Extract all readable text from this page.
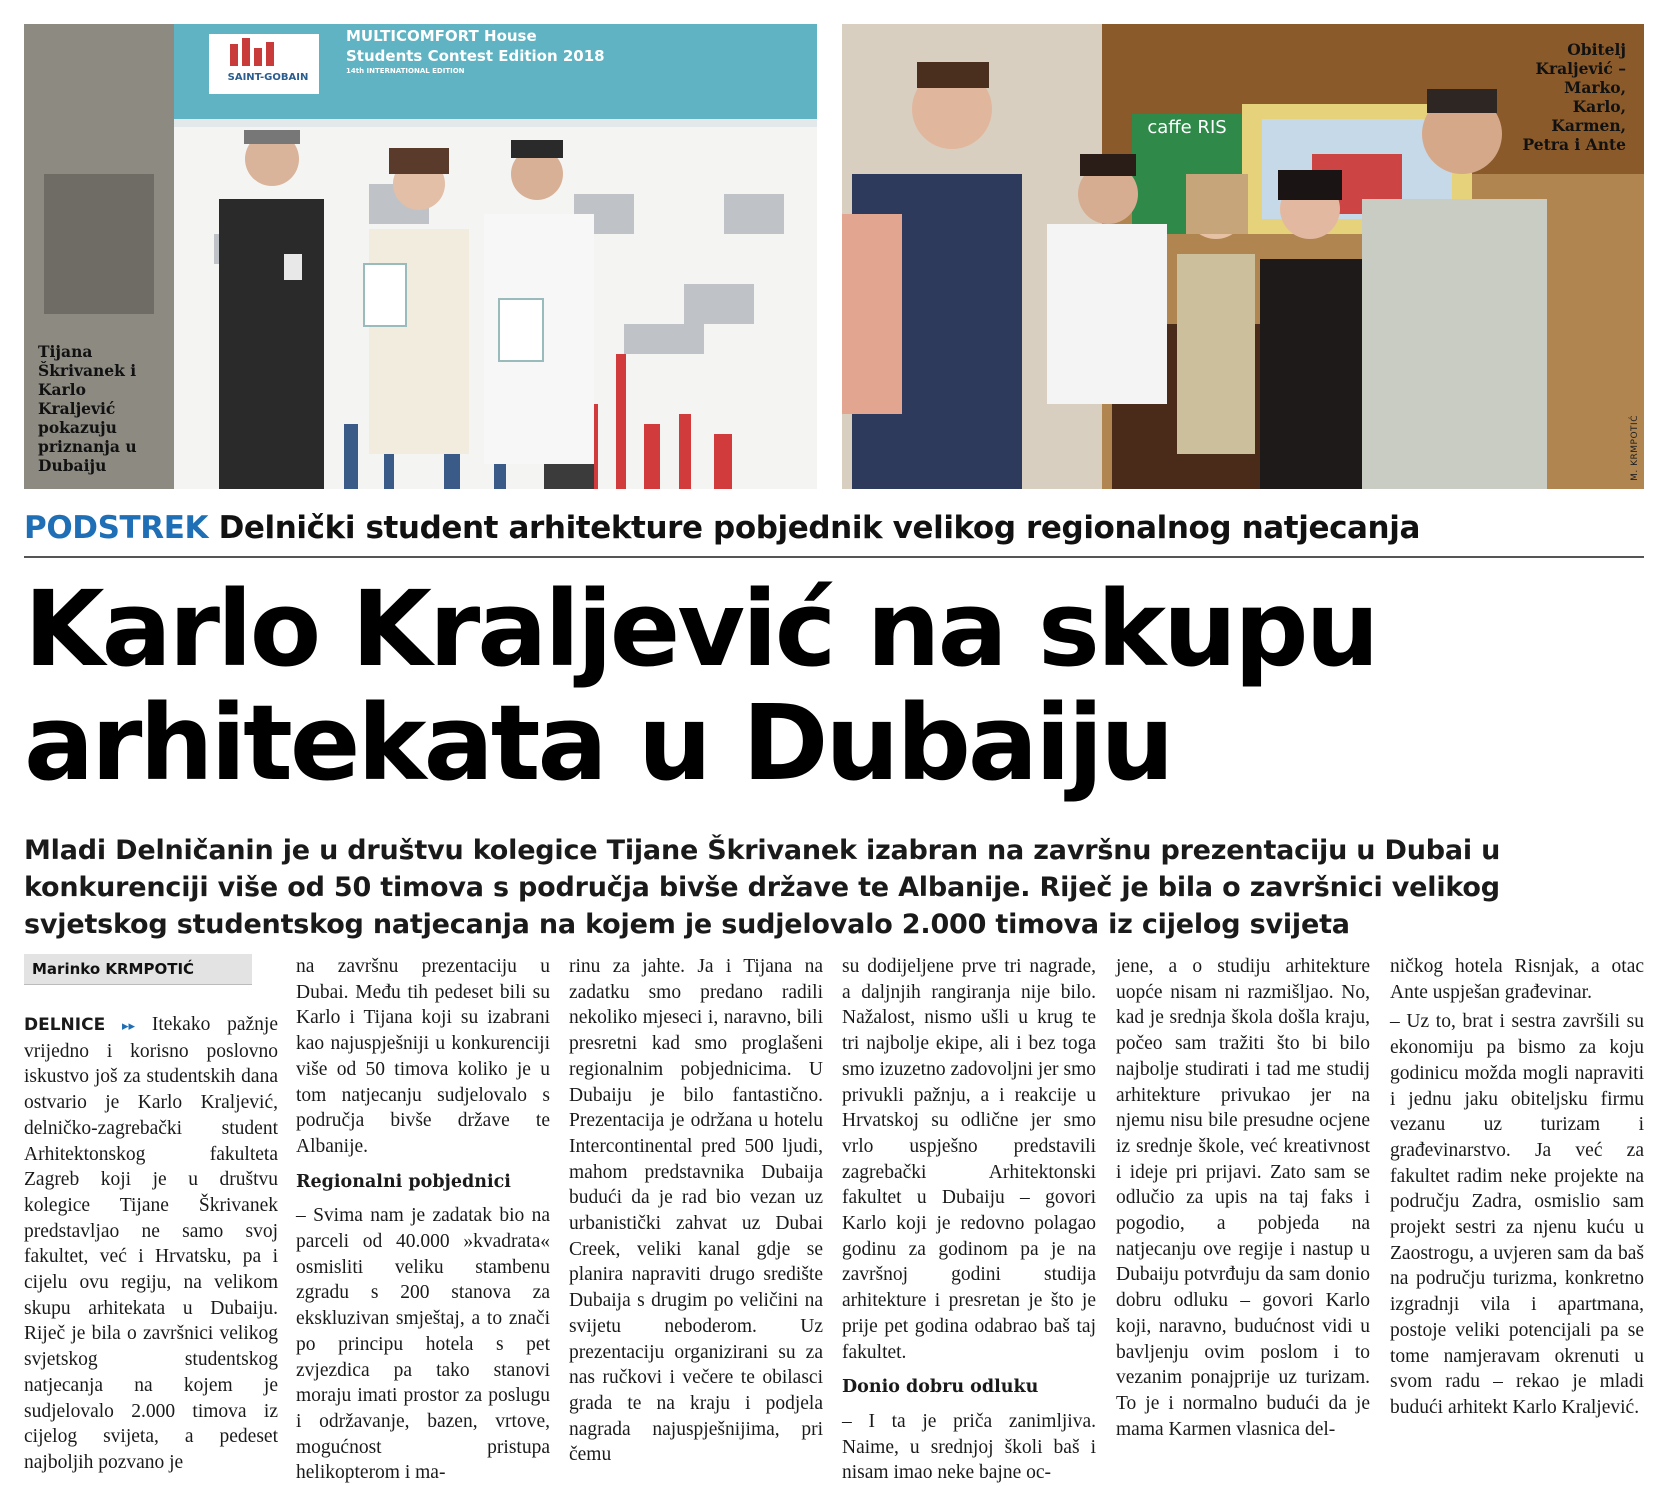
Tijana Škrivanek i Karlo Kraljević pokazuju priznanja u Dubaiju
MULTICOMFORT House
Students Contest Edition 2018
14th INTERNATIONAL EDITION
SAINT-GOBAIN
caffe RIS
Obitelj Kraljević – Marko, Karlo, Karmen, Petra i Ante
M. KRMPOTIĆ
PODSTREK Delnički student arhitekture pobjednik velikog regionalnog natjecanja
Karlo Kraljević na skupu
arhitekata u Dubaiju
Mladi Delničanin je u društvu kolegice Tijane Škrivanek izabran na završnu prezentaciju u Dubai u
konkurenciji više od 50 timova s područja bivše države te Albanije. Riječ je bila o završnici velikog
svjetskog studentskog natjecanja na kojem je sudjelovalo 2.000 timova iz cijelog svijeta
Marinko KRMPOTIĆ

DELNICE ▸▸ Itekako pažnje vrijedno i korisno poslovno iskustvo još za studentskih dana ostvario je Karlo Kraljević, delničko-zagrebački student Arhitektonskog fakulteta Zagreb koji je u društvu kolegice Tijane Škrivanek predstavljao ne samo svoj fakultet, već i Hrvatsku, pa i cijelu ovu regiju, na velikom skupu arhitekata u Dubaiju. Riječ je bila o završnici velikog svjetskog studentskog natjecanja na kojem je sudjelovalo 2.000 timova iz cijelog svijeta, a pedeset najboljih pozvano je

na završnu prezentaciju u Dubai. Među tih pedeset bili su Karlo i Tijana koji su izabrani kao najuspješniji u konkurenciji više od 50 timova koliko je u tom natjecanju sudjelovalo s područja bivše države te Albanije.

Regionalni pobjednici

– Svima nam je zadatak bio na parceli od 40.000 »kvadrata« osmisliti veliku stambenu zgradu s 200 stanova za ekskluzivan smještaj, a to znači po principu hotela s pet zvjezdica pa tako stanovi moraju imati prostor za poslugu i održavanje, bazen, vrtove, mogućnost pristupa helikopterom i ma-

rinu za jahte. Ja i Tijana na zadatku smo predano radili nekoliko mjeseci i, naravno, bili presretni kad smo proglašeni regionalnim pobjednicima. U Dubaiju je bilo fantastično. Prezentacija je održana u hotelu Intercontinental pred 500 ljudi, mahom predstavnika Dubaija budući da je rad bio vezan uz urbanistički zahvat uz Dubai Creek, veliki kanal gdje se planira napraviti drugo središte Dubaija s drugim po veličini na svijetu neboderom. Uz prezentaciju organizirani su za nas ručkovi i večere te obilasci grada te na kraju i podjela nagrada najuspješnijima, pri čemu

su dodijeljene prve tri nagrade, a daljnjih rangiranja nije bilo. Nažalost, nismo ušli u krug te tri najbolje ekipe, ali i bez toga smo izuzetno zadovoljni jer smo privukli pažnju, a i reakcije u Hrvatskoj su odlične jer smo vrlo uspješno predstavili zagrebački Arhitektonski fakultet u Dubaiju – govori Karlo koji je redovno polagao godinu za godinom pa je na završnoj godini studija arhitekture i presretan je što je prije pet godina odabrao baš taj fakultet.

Donio dobru odluku

– I ta je priča zanimljiva. Naime, u srednjoj školi baš i nisam imao neke bajne oc-

jene, a o studiju arhitekture uopće nisam ni razmišljao. No, kad je srednja škola došla kraju, počeo sam tražiti što bi bilo najbolje studirati i tad me studij arhitekture privukao jer na njemu nisu bile presudne ocjene iz srednje škole, već kreativnost i ideje pri prijavi. Zato sam se odlučio za upis na taj faks i pogodio, a pobjeda na natjecanju ove regije i nastup u Dubaiju potvrđuju da sam donio dobru odluku – govori Karlo koji, naravno, budućnost vidi u bavljenju ovim poslom i to vezanim ponajprije uz turizam. To je i normalno budući da je mama Karmen vlasnica del-

ničkog hotela Risnjak, a otac Ante uspješan građevinar.

– Uz to, brat i sestra završili su ekonomiju pa bismo za koju godinicu možda mogli napraviti i jednu jaku obiteljsku firmu vezanu uz turizam i građevinarstvo. Ja već za fakultet radim neke projekte na području Zadra, osmislio sam projekt sestri za njenu kuću u Zaostrogu, a uvjeren sam da baš na području turizma, konkretno izgradnji vila i apartmana, postoje veliki potencijali pa se tome namjeravam okrenuti u svom radu – rekao je mladi budući arhitekt Karlo Kraljević.
